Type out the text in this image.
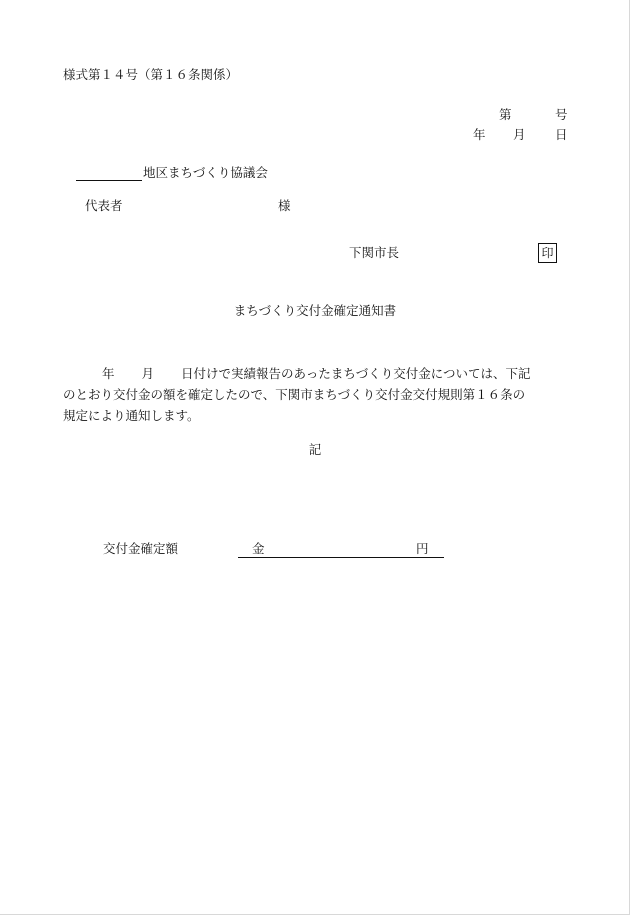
様式第１４号（第１６条関係）
第	号
年 月 日
地区まちづくり協議会
代表者	様
下関市長	印
まちづくり交付金確定通知書
年 月 日付けで実績報告のあったまちづくり交付金については、下記
のとおり交付金の額を確定したので、下関市まちづくり交付金交付規則第１６条の
規定により通知します。
記
交付金確定額	金	円
